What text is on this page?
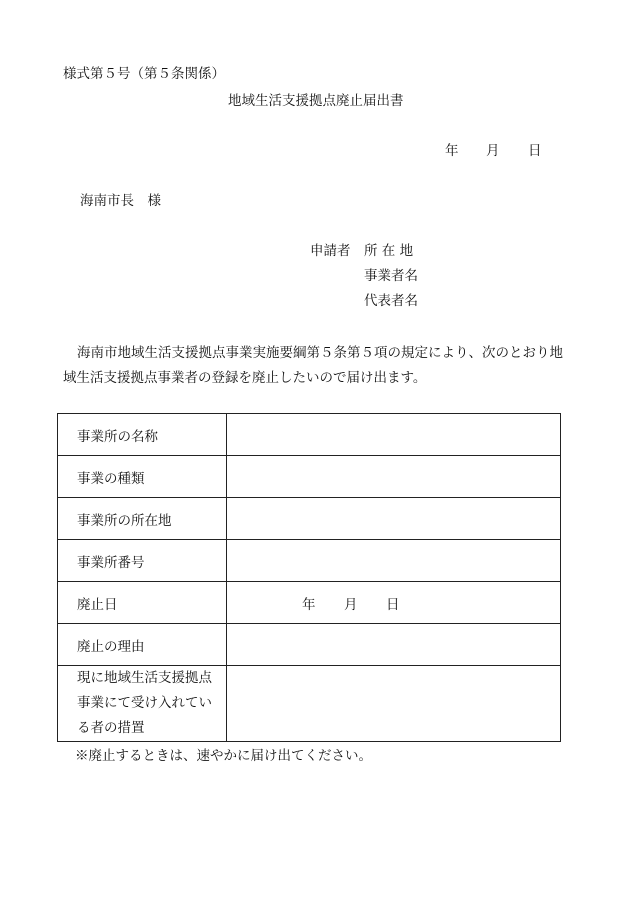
様式第５号（第５条関係）
地域生活支援拠点廃止届出書
年 月 日
海南市長　様
申請者 所 在 地
事業者名
代表者名
海南市地域生活支援拠点事業実施要綱第５条第５項の規定により、次のとおり地域生活支援拠点事業者の登録を廃止したいので届け出ます。
事業所の名称	
事業の種類	
事業所の所在地	
事業所番号	
廃止日	年 月 日

廃止の理由	
現に地域生活支援拠点事業にて受け入れている者の措置	
※廃止するときは、速やかに届け出てください。
